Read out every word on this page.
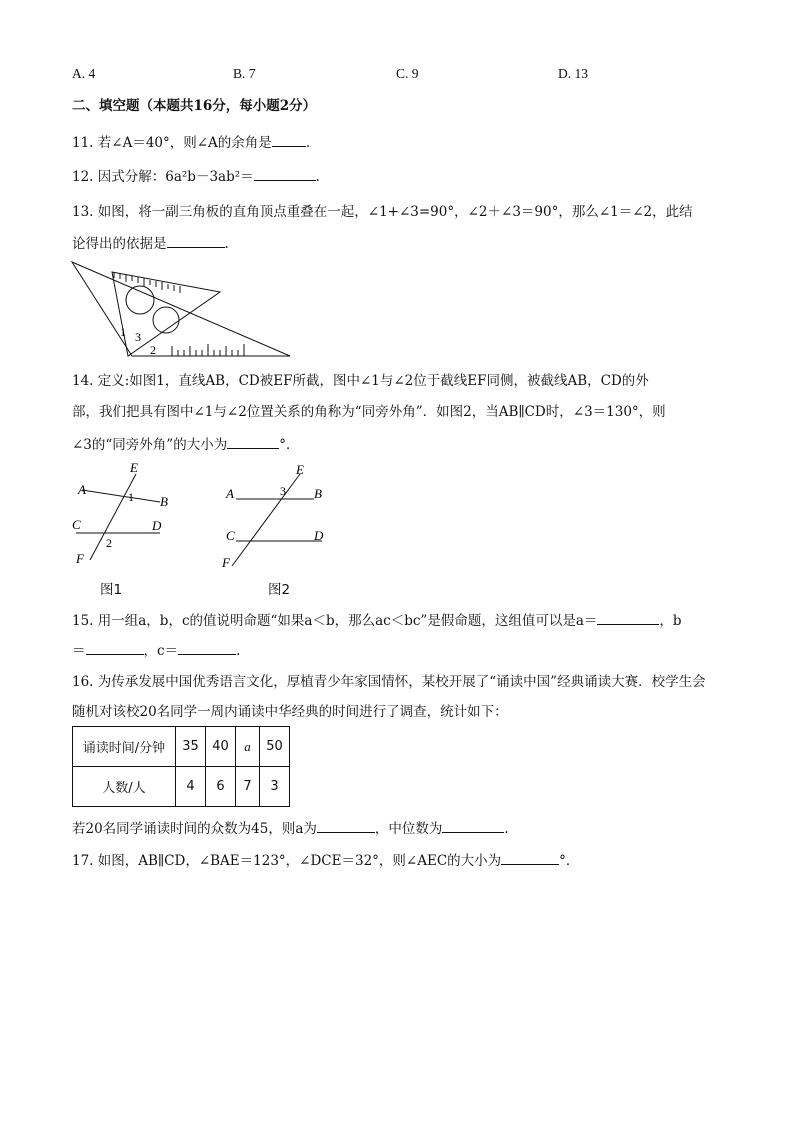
A. 4	B. 7	C. 9	D. 13
二、填空题（本题共16分，每小题2分）
11. 若∠A＝40°，则∠A的余角是	.
12. 因式分解：6a²b－3ab²＝	.
13. 如图，将一副三角板的直角顶点重叠在一起，∠1+∠3=90°，∠2＋∠3＝90°，那么∠1＝∠2，此结
论得出的依据是	.
1 3
2
14. 定义:如图1，直线AB，CD被EF所截，图中∠1与∠2位于截线EF同侧，被截线AB，CD的外
部，我们把具有图中∠1与∠2位置关系的角称为“同旁外角”．如图2，当AB∥CD时，∠3＝130°，则
∠3的“同旁外角”的大小为	°．
E
A
B
C	D
F
1
2
图1
E
A	B
C	D
F
3
图2
15. 用一组a，b，c的值说明命题“如果a＜b，那么ac＜bc”是假命题，这组值可以是a＝	，b
＝	，c＝	.
16. 为传承发展中国优秀语言文化，厚植青少年家国情怀，某校开展了“诵读中国”经典诵读大赛．校学生会
随机对该校20名同学一周内诵读中华经典的时间进行了调查，统计如下：
诵读时间/分钟	35	40	a	50
人数/人	4	6	7	3
若20名同学诵读时间的众数为45，则a为	，中位数为	.
17. 如图，AB∥CD，∠BAE＝123°，∠DCE＝32°，则∠AEC的大小为	°．
